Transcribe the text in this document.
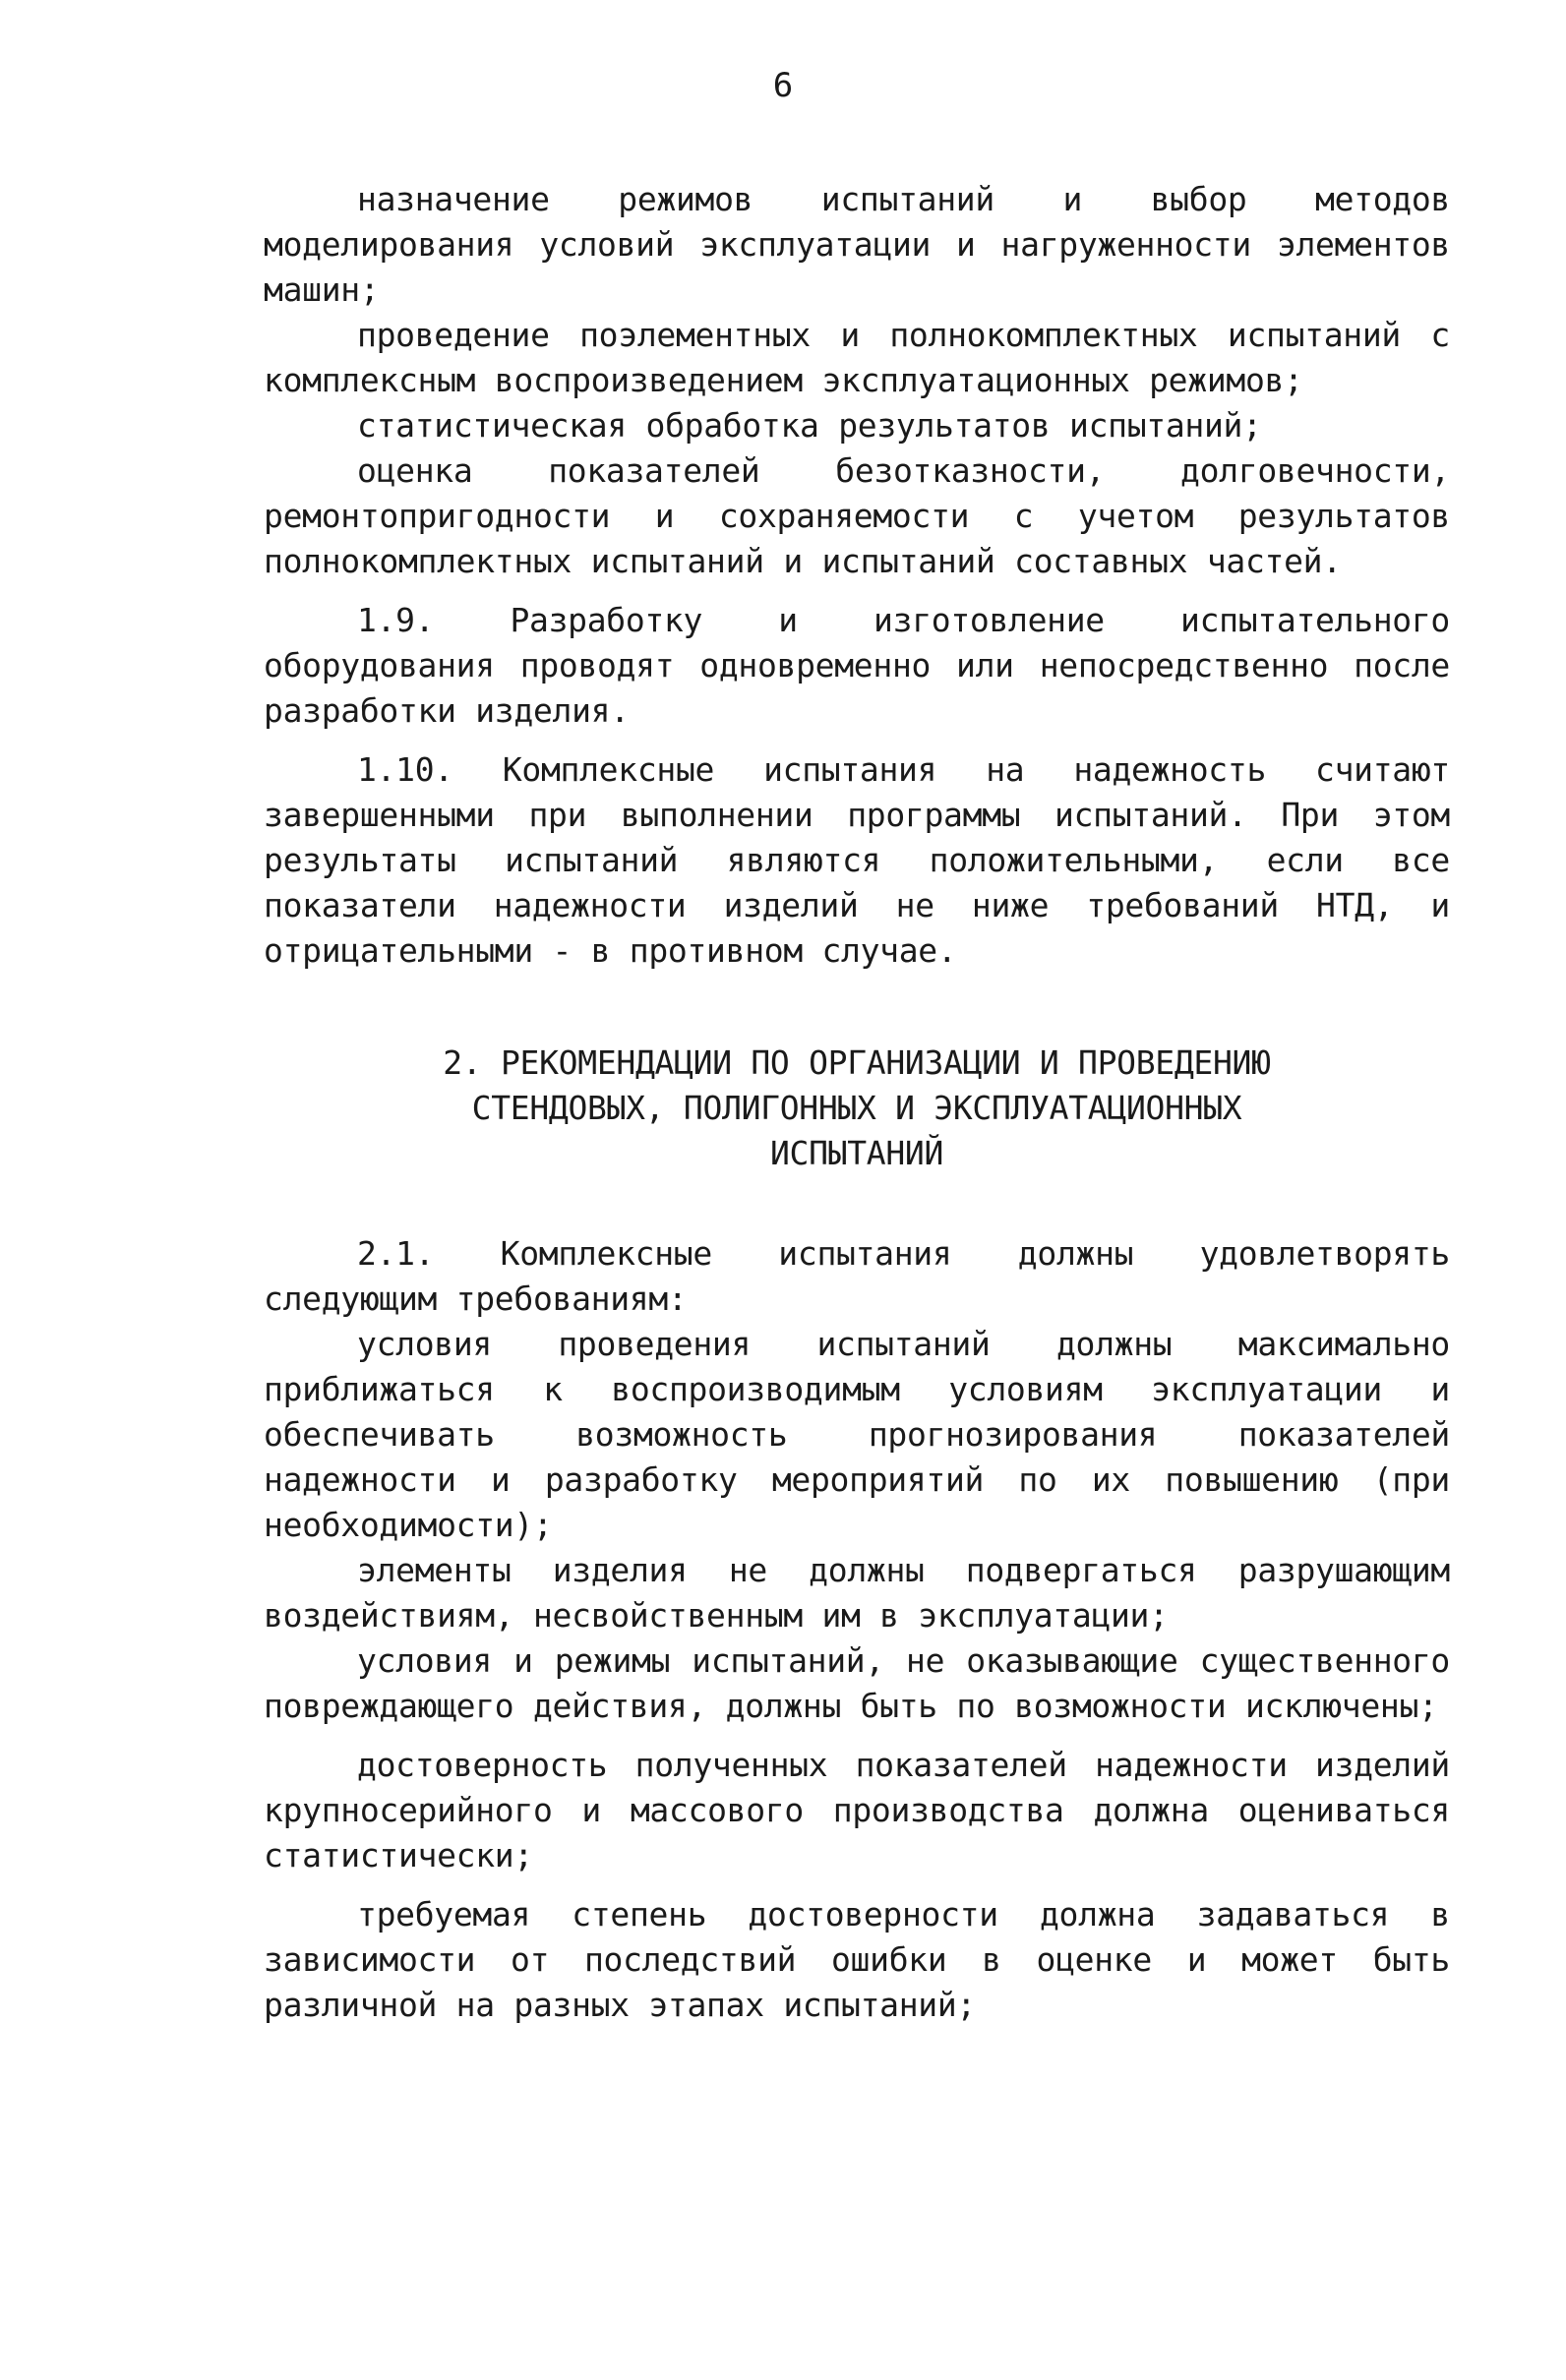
6

назначение режимов испытаний и выбор методов моделирования условий эксплуатации и нагруженности элементов машин;

проведение поэлементных и полнокомплектных испытаний с комплексным воспроизведением эксплуатационных режимов;

статистическая обработка результатов испытаний;

оценка показателей безотказности, долговечности, ремонтопригодности и сохраняемости с учетом результатов полнокомплектных испытаний и испытаний составных частей.

1.9. Разработку и изготовление испытательного оборудования проводят одновременно или непосредственно после разработки изделия.

1.10. Комплексные испытания на надежность считают завершенными при выполнении программы испытаний. При этом результаты испытаний являются положительными, если все показатели надежности изделий не ниже требований НТД, и отрицательными - в противном случае.

2. РЕКОМЕНДАЦИИ ПО ОРГАНИЗАЦИИ И ПРОВЕДЕНИЮ
СТЕНДОВЫХ, ПОЛИГОННЫХ И ЭКСПЛУАТАЦИОННЫХ
ИСПЫТАНИЙ

2.1. Комплексные испытания должны удовлетворять следующим требованиям:

условия проведения испытаний должны максимально приближаться к воспроизводимым условиям эксплуатации и обеспечивать возможность прогнозирования показателей надежности и разработку мероприятий по их повышению (при необходимости);

элементы изделия не должны подвергаться разрушающим воздействиям, несвойственным им в эксплуатации;

условия и режимы испытаний, не оказывающие существенного повреждающего действия, должны быть по возможности исключены;

достоверность полученных показателей надежности изделий крупносерийного и массового производства должна оцениваться статистически;

требуемая степень достоверности должна задаваться в зависимости от последствий ошибки в оценке и может быть различной на разных этапах испытаний;
